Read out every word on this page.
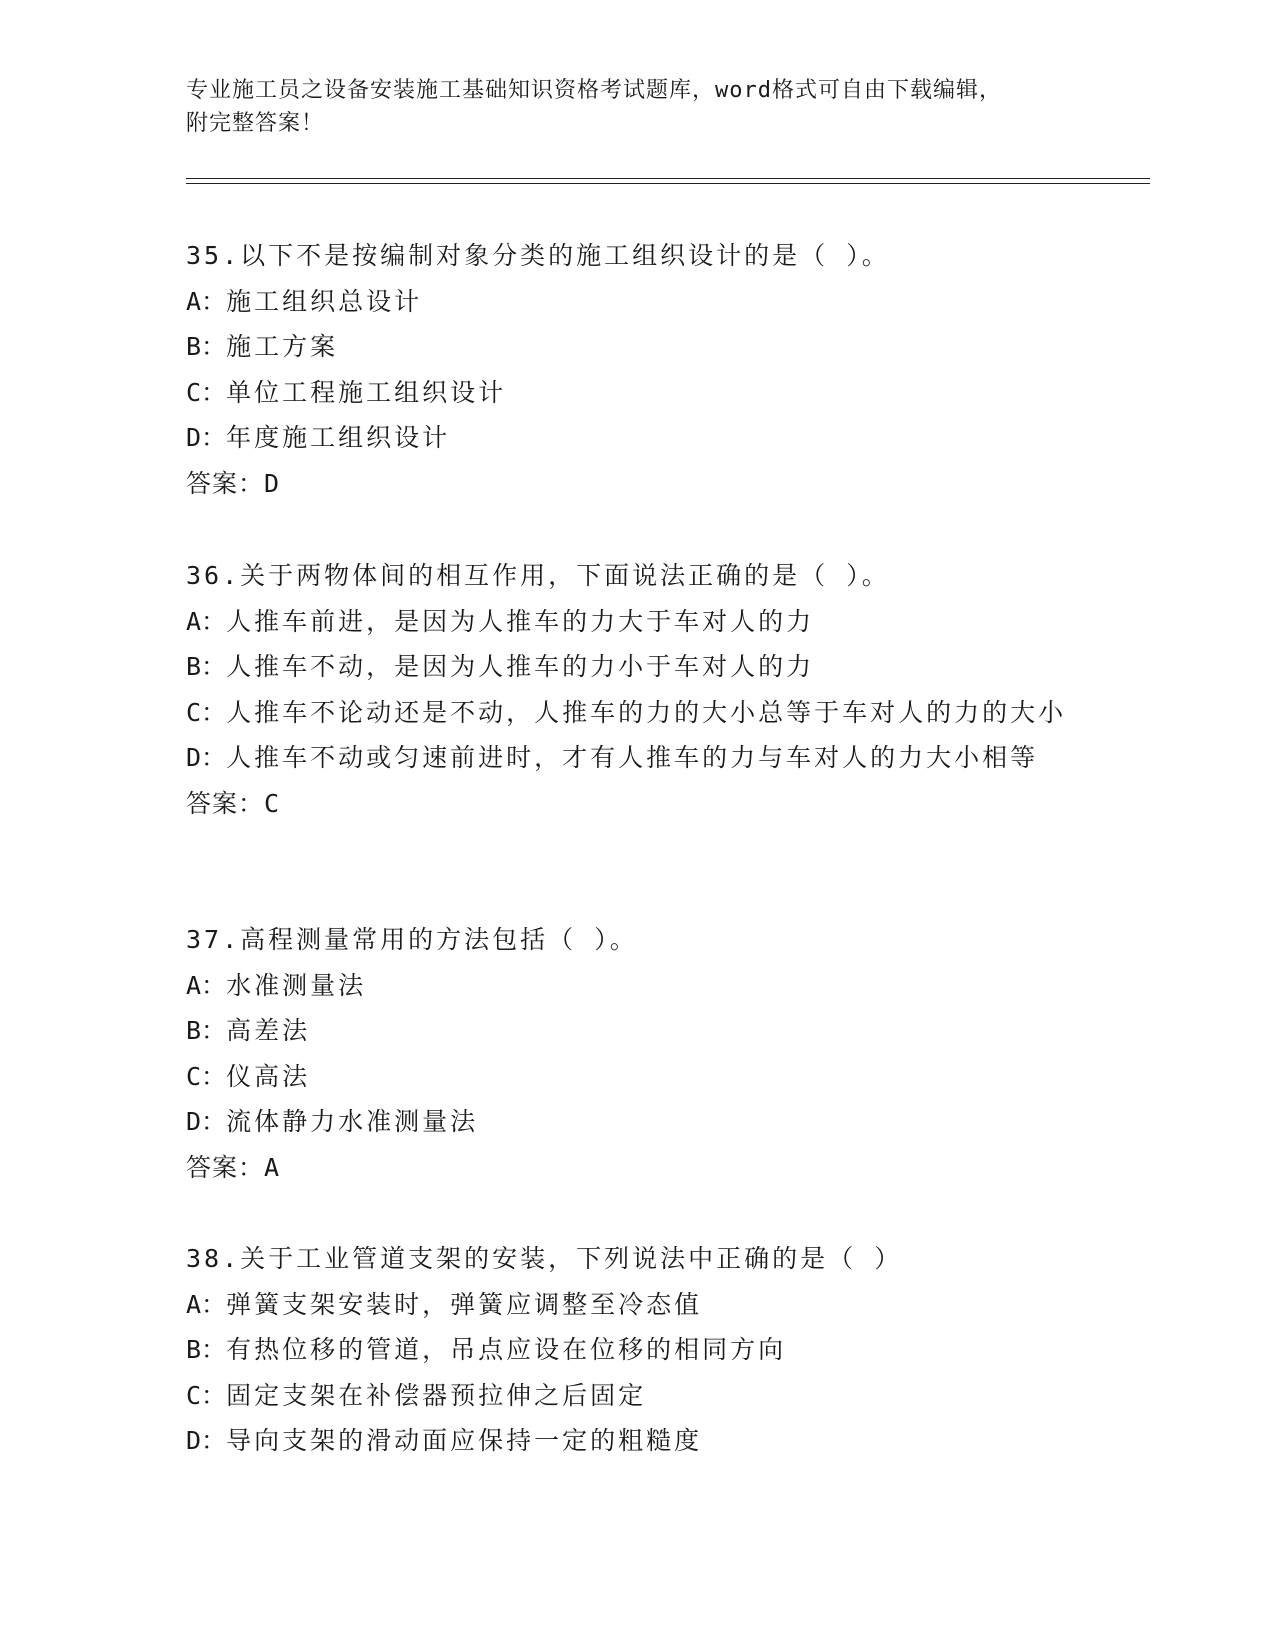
专业施工员之设备安装施工基础知识资格考试题库，word格式可自由下载编辑，
附完整答案！
35.以下不是按编制对象分类的施工组织设计的是（ ）。
A：施工组织总设计
B：施工方案
C：单位工程施工组织设计
D：年度施工组织设计
答案：D
36.关于两物体间的相互作用，下面说法正确的是（ ）。
A：人推车前进，是因为人推车的力大于车对人的力
B：人推车不动，是因为人推车的力小于车对人的力
C：人推车不论动还是不动，人推车的力的大小总等于车对人的力的大小
D：人推车不动或匀速前进时，才有人推车的力与车对人的力大小相等
答案：C
37.高程测量常用的方法包括（ ）。
A：水准测量法
B：高差法
C：仪高法
D：流体静力水准测量法
答案：A
38.关于工业管道支架的安装，下列说法中正确的是（ ）
A：弹簧支架安装时，弹簧应调整至冷态值
B：有热位移的管道，吊点应设在位移的相同方向
C：固定支架在补偿器预拉伸之后固定
D：导向支架的滑动面应保持一定的粗糙度
